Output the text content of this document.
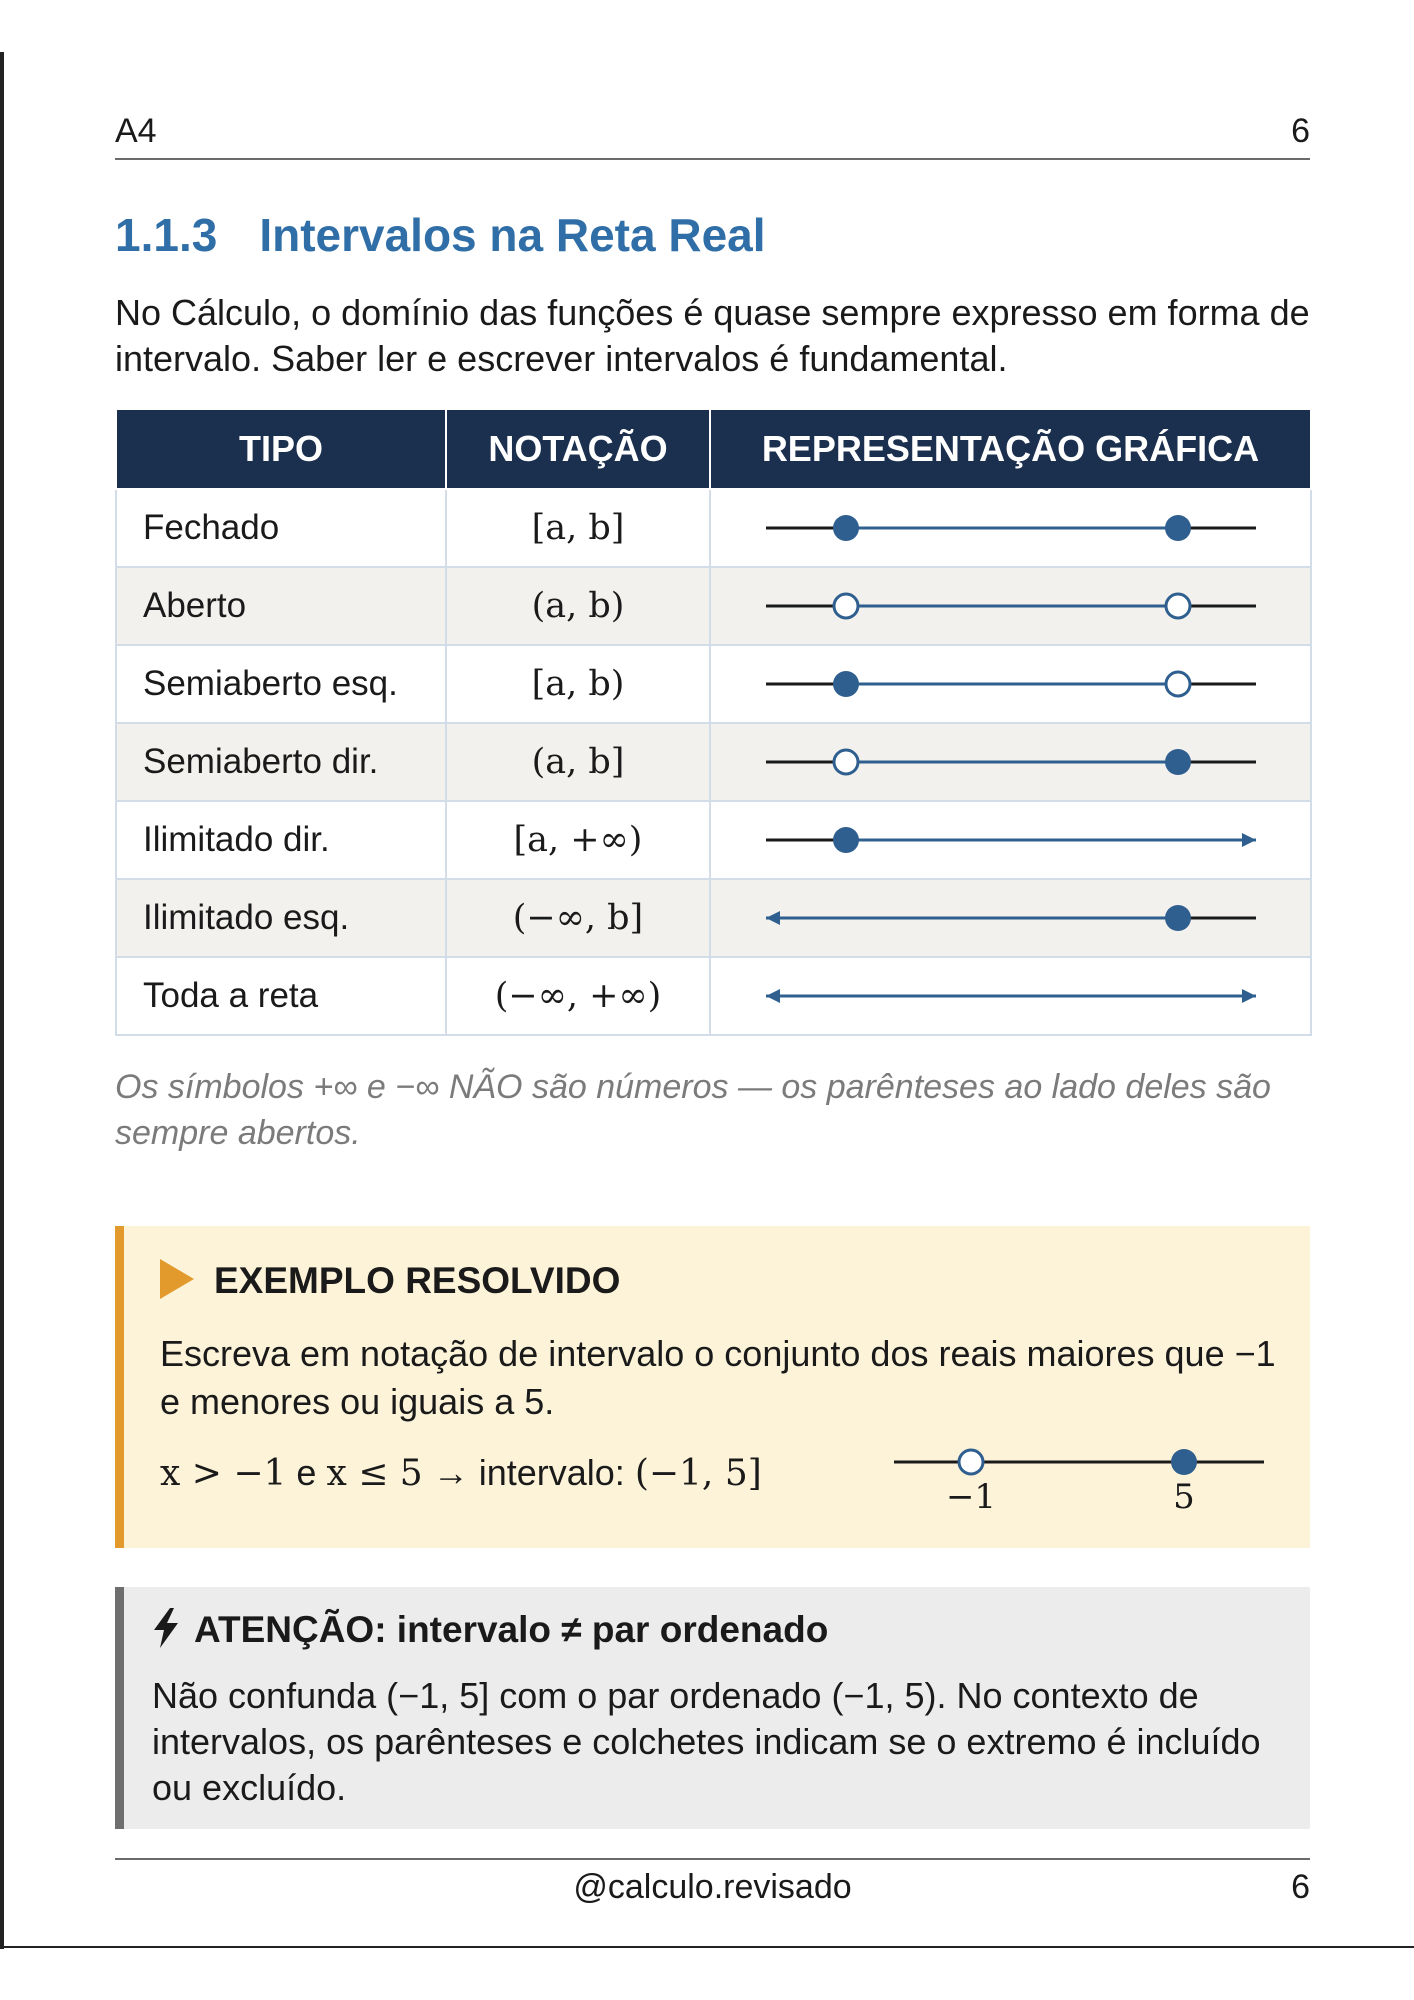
A4	6
1.1.3 Intervalos na Reta Real
No Cálculo, o domínio das funções é quase sempre expresso em forma de intervalo. Saber ler e escrever intervalos é fundamental.
TIPO	NOTAÇÃO	REPRESENTAÇÃO GRÁFICA
Fechado	[a, b]	

Aberto	(a, b)	

Semiaberto esq.	[a, b)	

Semiaberto dir.	(a, b]	

Ilimitado dir.	[a, +∞)	

Ilimitado esq.	(−∞, b]	

Toda a reta	(−∞, +∞)	
Os símbolos +∞ e −∞ NÃO são números — os parênteses ao lado deles são sempre abertos.
EXEMPLO RESOLVIDO
Escreva em notação de intervalo o conjunto dos reais maiores que −1 e menores ou iguais a 5.
x > −1 e x ≤ 5 → intervalo: (−1, 5]
−1	5
ATENÇÃO: intervalo ≠ par ordenado
Não confunda (−1, 5] com o par ordenado (−1, 5). No contexto de intervalos, os parênteses e colchetes indicam se o extremo é incluído ou excluído.
@calculo.revisado	6
